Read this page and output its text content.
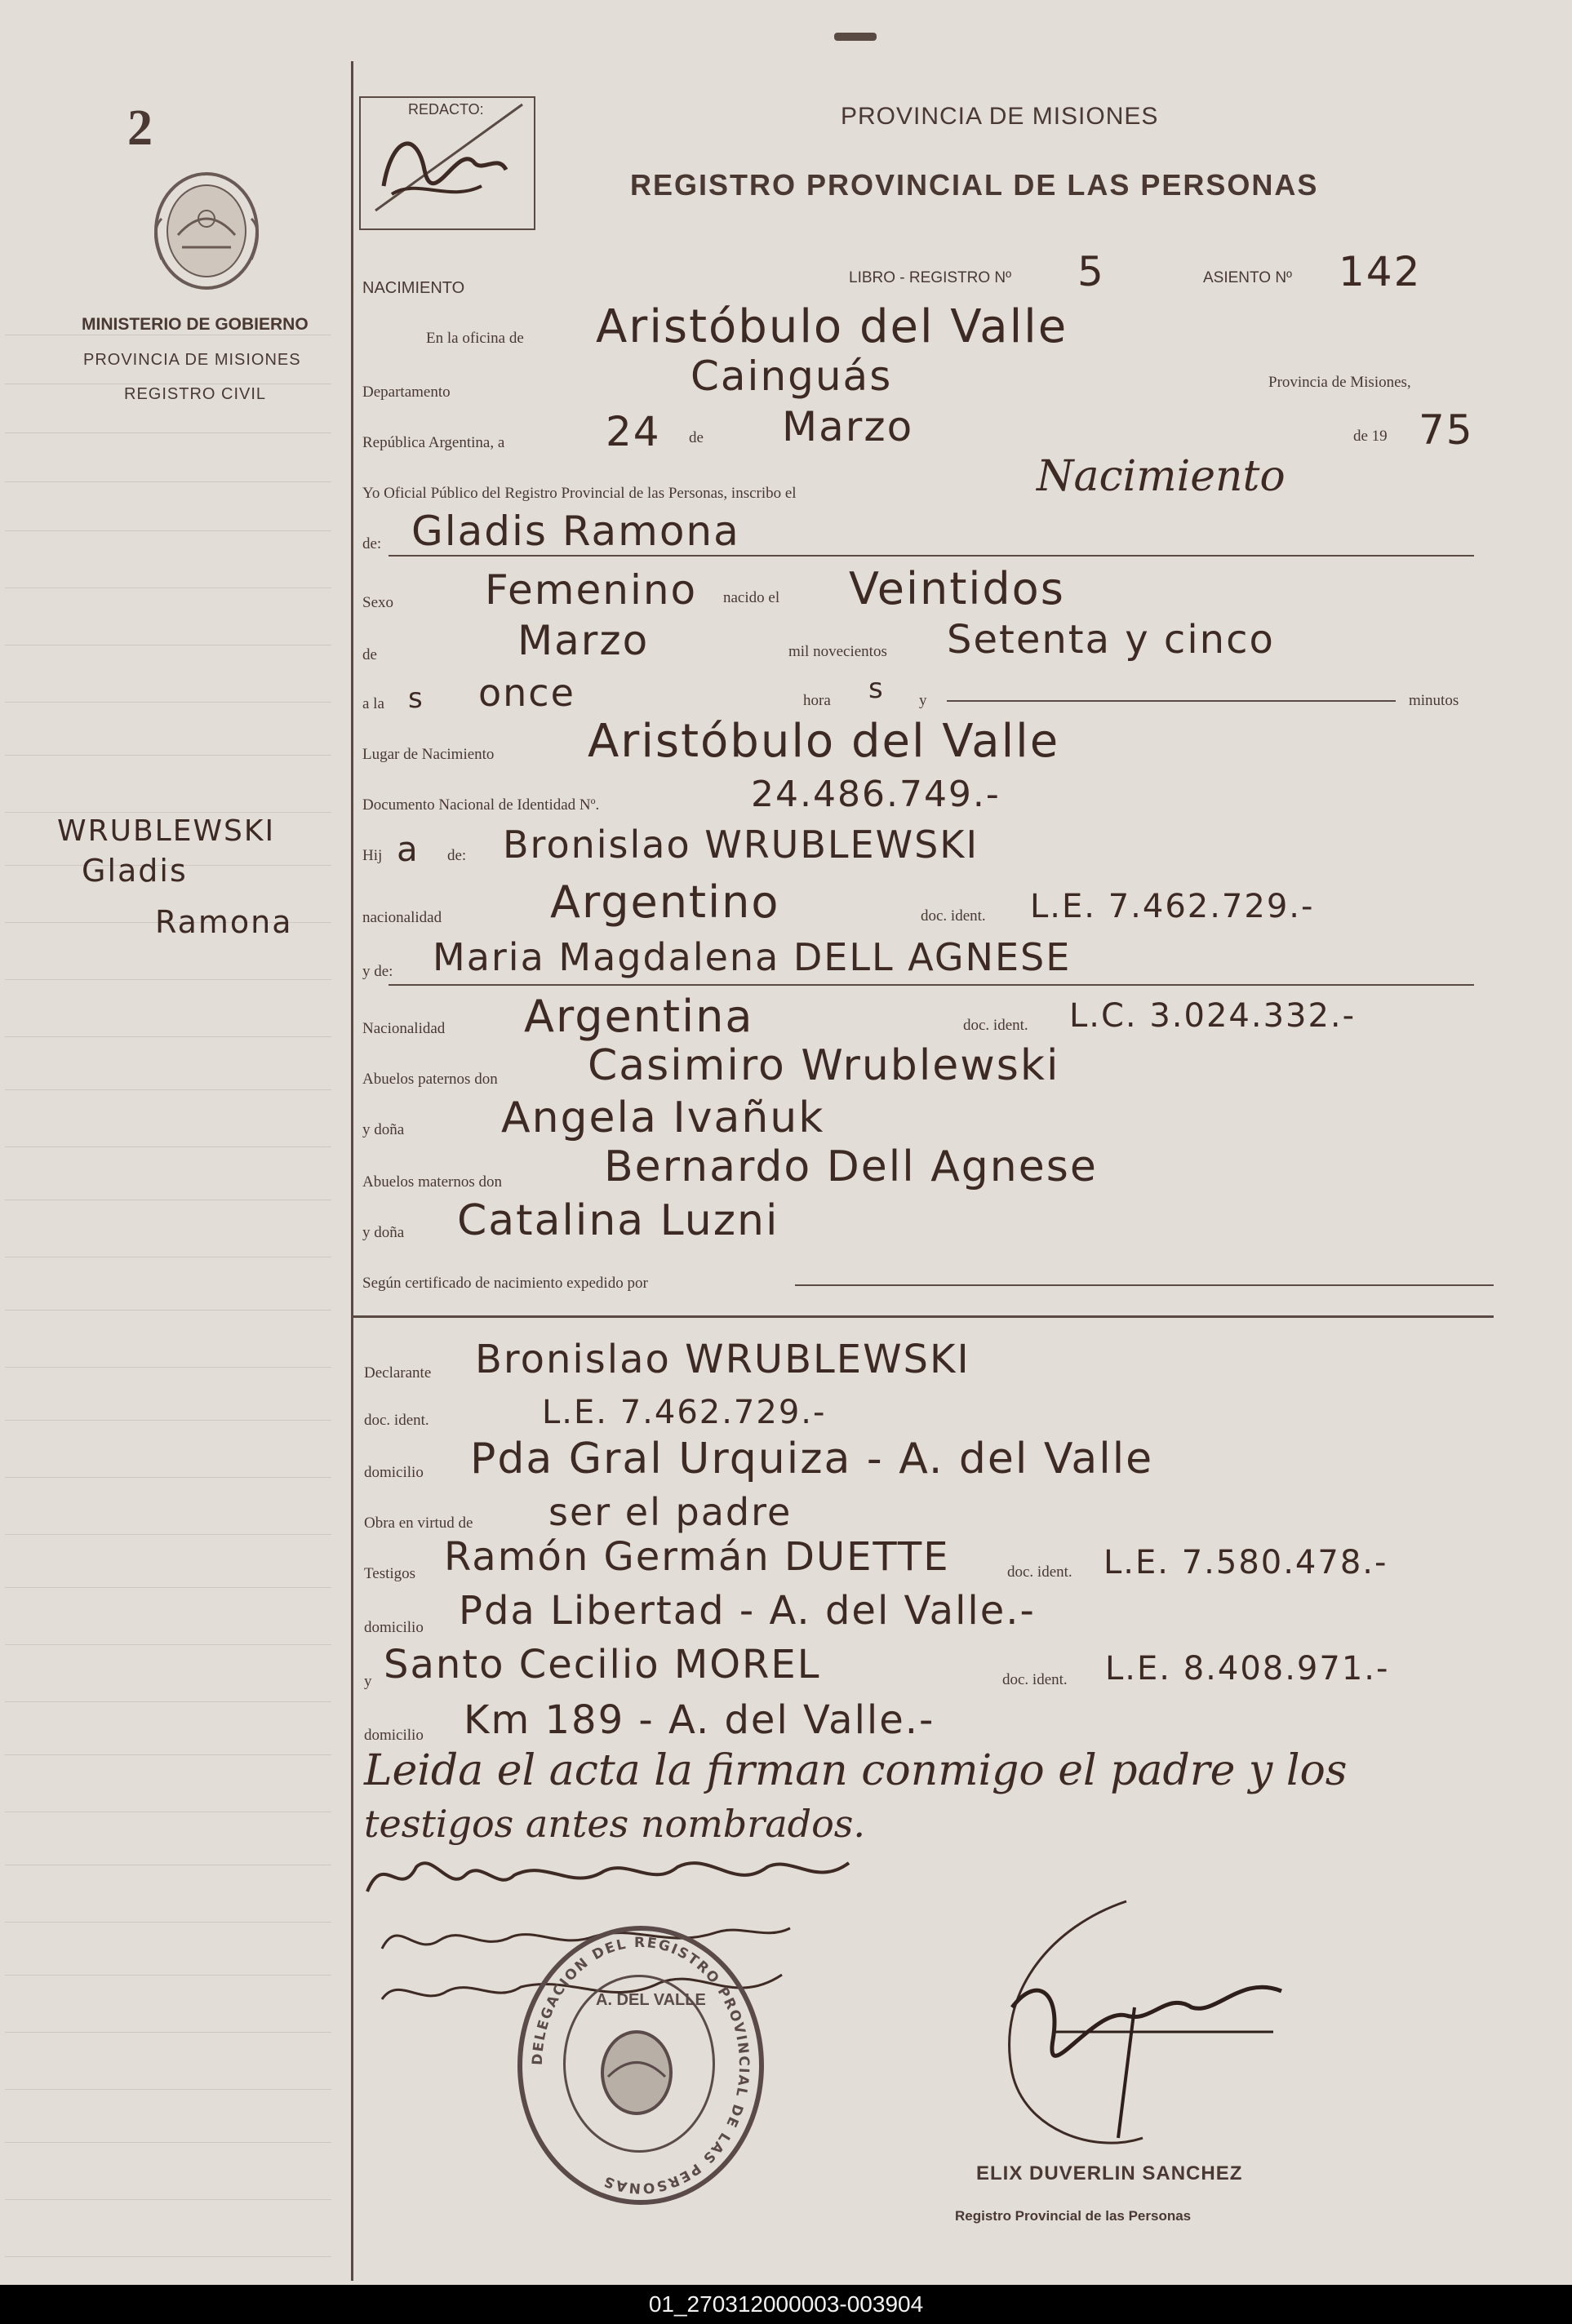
2
MINISTERIO DE GOBIERNO
PROVINCIA DE MISIONES
REGISTRO CIVIL
WRUBLEWSKI
Gladis
Ramona
REDACTO:	PROVINCIA DE MISIONES
REGISTRO PROVINCIAL DE LAS PERSONAS
NACIMIENTO
LIBRO - REGISTRO Nº 5	ASIENTO Nº 142
En la oficina de Aristóbulo del Valle
Departamento	Cainguás	Provincia de Misiones,
República Argentina, a 24 de Marzo	de 19 75
Yo Oficial Público del Registro Provincial de las Personas, inscribo el	Nacimiento
de: Gladis Ramona
Sexo Femenino nacido el Veintidos
de	Marzo	mil novecientos Setenta y cinco
a la s once	hora s y	minutos
Lugar de Nacimiento Aristóbulo del Valle
Documento Nacional de Identidad Nº.	24.486.749.-
Hij a de: Bronislao WRUBLEWSKI
nacionalidad Argentino	doc. ident. L.E. 7.462.729.-
y de: Maria Magdalena DELL AGNESE
Nacionalidad Argentina	doc. ident. L.C. 3.024.332.-
Abuelos paternos don Casimiro Wrublewski
y doña Angela Ivañuk
Abuelos maternos don Bernardo Dell Agnese
y doña Catalina Luzni
Según certificado de nacimiento expedido por
Declarante Bronislao WRUBLEWSKI
doc. ident.	L.E. 7.462.729.-
domicilio Pda Gral Urquiza - A. del Valle
Obra en virtud de ser el padre
Testigos Ramón Germán DUETTE	doc. ident. L.E. 7.580.478.-
domicilio Pda Libertad - A. del Valle.-
y Santo Cecilio MOREL	doc. ident. L.E. 8.408.971.-
domicilio Km 189 - A. del Valle.-
Leida el acta la firman conmigo el padre y los
testigos antes nombrados.
DELEGACION DEL REGISTRO PROVINCIAL DE LAS PERSONAS
A. DEL VALLE
ELIX DUVERLIN SANCHEZ
Registro Provincial de las Personas
01_270312000003-003904
